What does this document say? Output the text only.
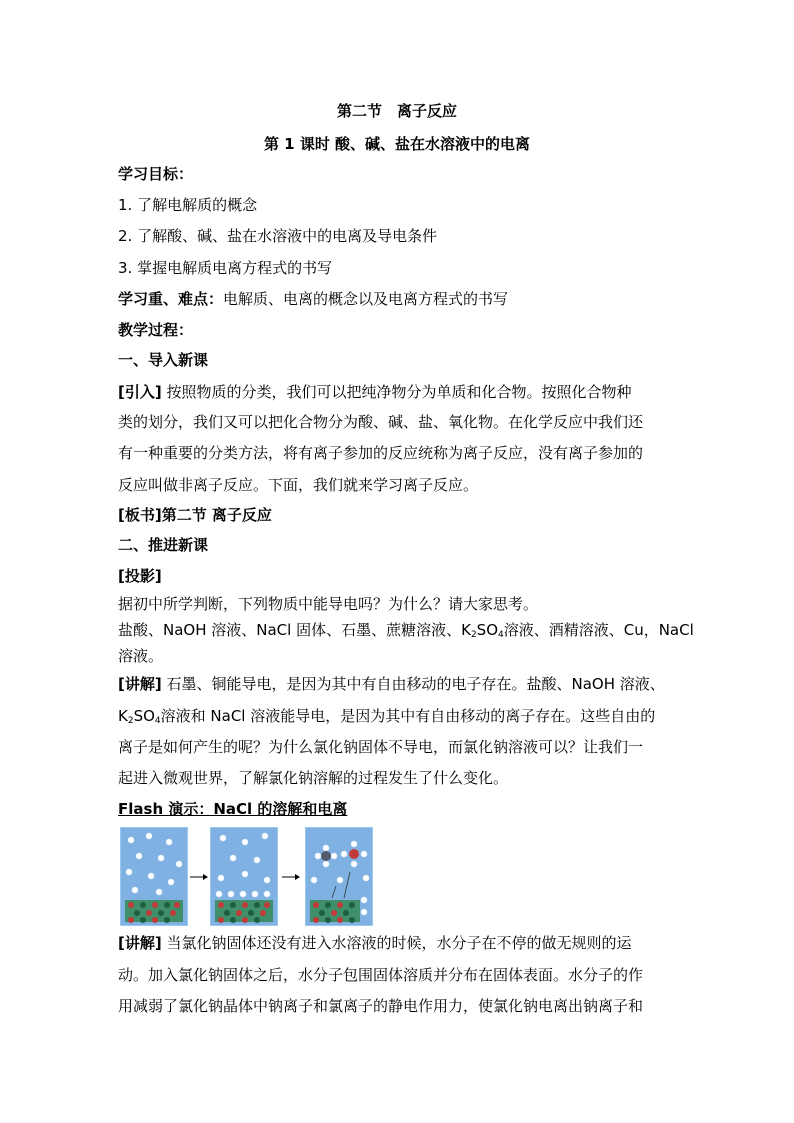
第二节　离子反应
第 1 课时 酸、碱、盐在水溶液中的电离
学习目标：
1. 了解电解质的概念
2. 了解酸、碱、盐在水溶液中的电离及导电条件
3. 掌握电解质电离方程式的书写
学习重、难点：电解质、电离的概念以及电离方程式的书写
教学过程：
一、导入新课
[引入] 按照物质的分类，我们可以把纯净物分为单质和化合物。按照化合物种
类的划分，我们又可以把化合物分为酸、碱、盐、氧化物。在化学反应中我们还
有一种重要的分类方法，将有离子参加的反应统称为离子反应，没有离子参加的
反应叫做非离子反应。下面，我们就来学习离子反应。
[板书]第二节 离子反应
二、推进新课
[投影]
据初中所学判断，下列物质中能导电吗？为什么？请大家思考。
盐酸、NaOH 溶液、NaCl 固体、石墨、蔗糖溶液、$K_2SO_4$溶液、酒精溶液、Cu，NaCl
溶液。
[讲解] 石墨、铜能导电，是因为其中有自由移动的电子存在。盐酸、NaOH 溶液、
$K_2SO_4$溶液和 NaCl 溶液能导电，是因为其中有自由移动的离子存在。这些自由的
离子是如何产生的呢？为什么氯化钠固体不导电，而氯化钠溶液可以？让我们一
起进入微观世界，了解氯化钠溶解的过程发生了什么变化。
Flash 演示：NaCl 的溶解和电离
[讲解] 当氯化钠固体还没有进入水溶液的时候，水分子在不停的做无规则的运
动。加入氯化钠固体之后，水分子包围固体溶质并分布在固体表面。水分子的作
用减弱了氯化钠晶体中钠离子和氯离子的静电作用力，使氯化钠电离出钠离子和
